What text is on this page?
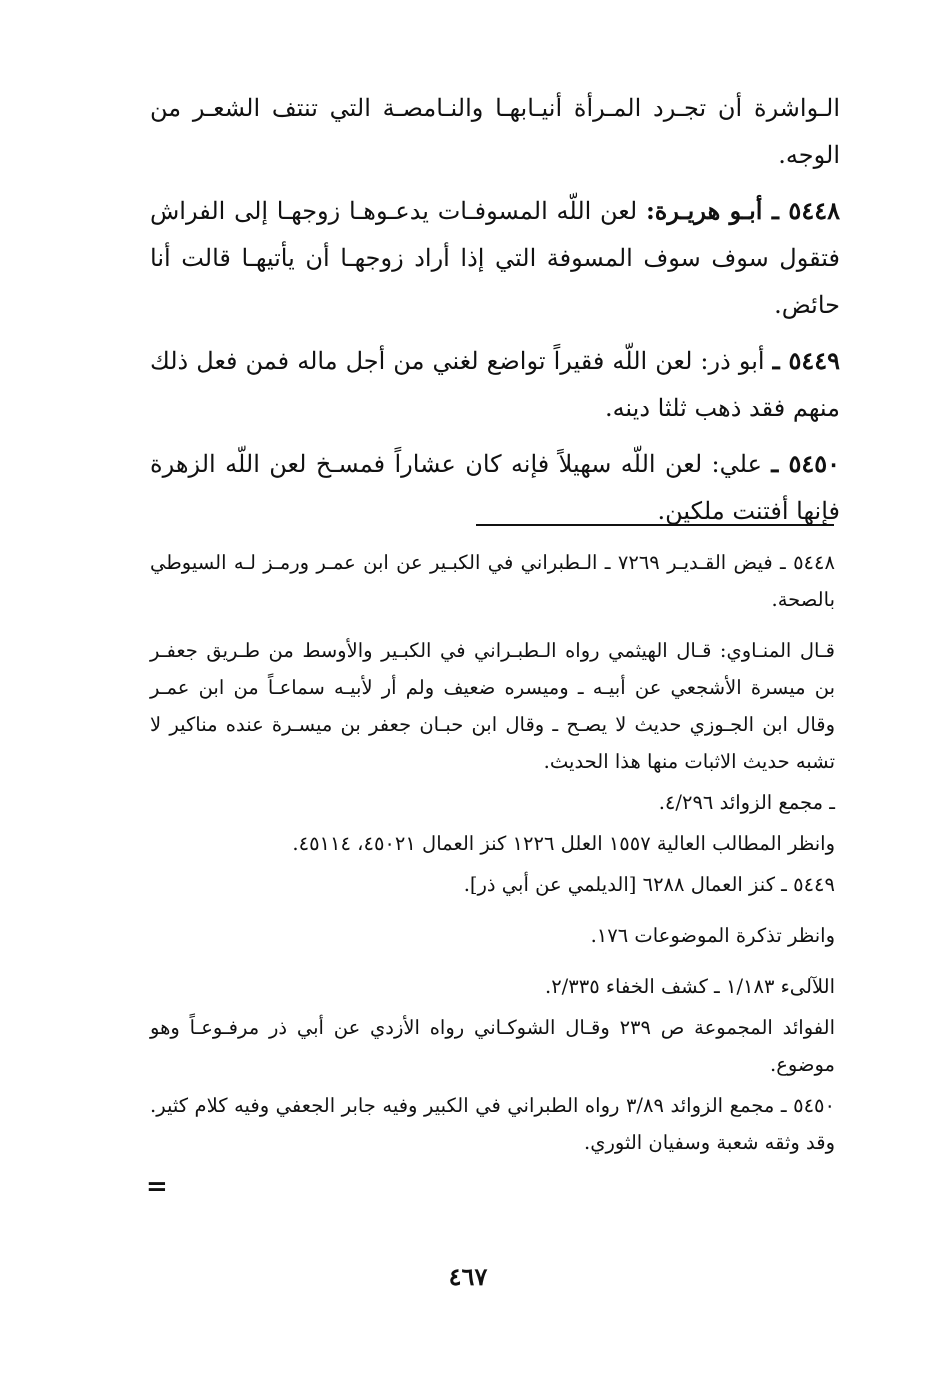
الـواشرة أن تجـرد المـرأة أنيـابهـا والنـامصـة التي تنتف الشعـر من الوجه.

٥٤٤٨ ـ أبـو هريـرة: لعن اللّه المسوفـات يدعـوهـا زوجهـا إلى الفراش فتقول سوف سوف المسوفة التي إذا أراد زوجهـا أن يأتيهـا قالت أنا حائض.

٥٤٤٩ ـ أبو ذر: لعن اللّه فقيراً تواضع لغني من أجل ماله فمن فعل ذلك منهم فقد ذهب ثلثا دينه.

٥٤٥٠ ـ علي: لعن اللّه سهيلاً فإنه كان عشاراً فمسـخ لعن اللّه الزهرة فإنها أفتنت ملكين.

٥٤٤٨ ـ فيض القـديـر ٧٢٦٩ ـ الـطبراني في الكبـير عن ابن عمـر ورمـز لـه السيوطي بالصحة.

قـال المنـاوي: قـال الهيثمي رواه الـطبـراني في الكبـير والأوسط من طـريق جعفـر بن ميسرة الأشجعي عن أبيـه ـ وميسره ضعيف ولم أر لأبيـه سماعـاً من ابن عمـر وقال ابن الجـوزي حديث لا يصـح ـ وقال ابن حبـان جعفر بن ميسـرة عنده مناكير لا تشبه حديث الاثبات منها هذا الحديث.

ـ مجمع الزوائد ٤/٢٩٦.

وانظر المطالب العالية ١٥٥٧ العلل ١٢٢٦ كنز العمال ٤٥٠٢١، ٤٥١١٤.

٥٤٤٩ ـ كنز العمال ٦٢٨٨ [الديلمي عن أبي ذر].

وانظر تذكرة الموضوعات ١٧٦.

اللآلىء ١/١٨٣ ـ كشف الخفاء ٢/٣٣٥.

الفوائد المجموعة ص ٢٣٩ وقـال الشوكـاني رواه الأزدي عن أبي ذر مرفـوعـاً وهو موضوع.

٥٤٥٠ ـ مجمع الزوائد ٣/٨٩ رواه الطبراني في الكبير وفيه جابر الجعفي وفيه كلام كثير. وقد وثقه شعبة وسفيان الثوري.

=
٤٦٧
